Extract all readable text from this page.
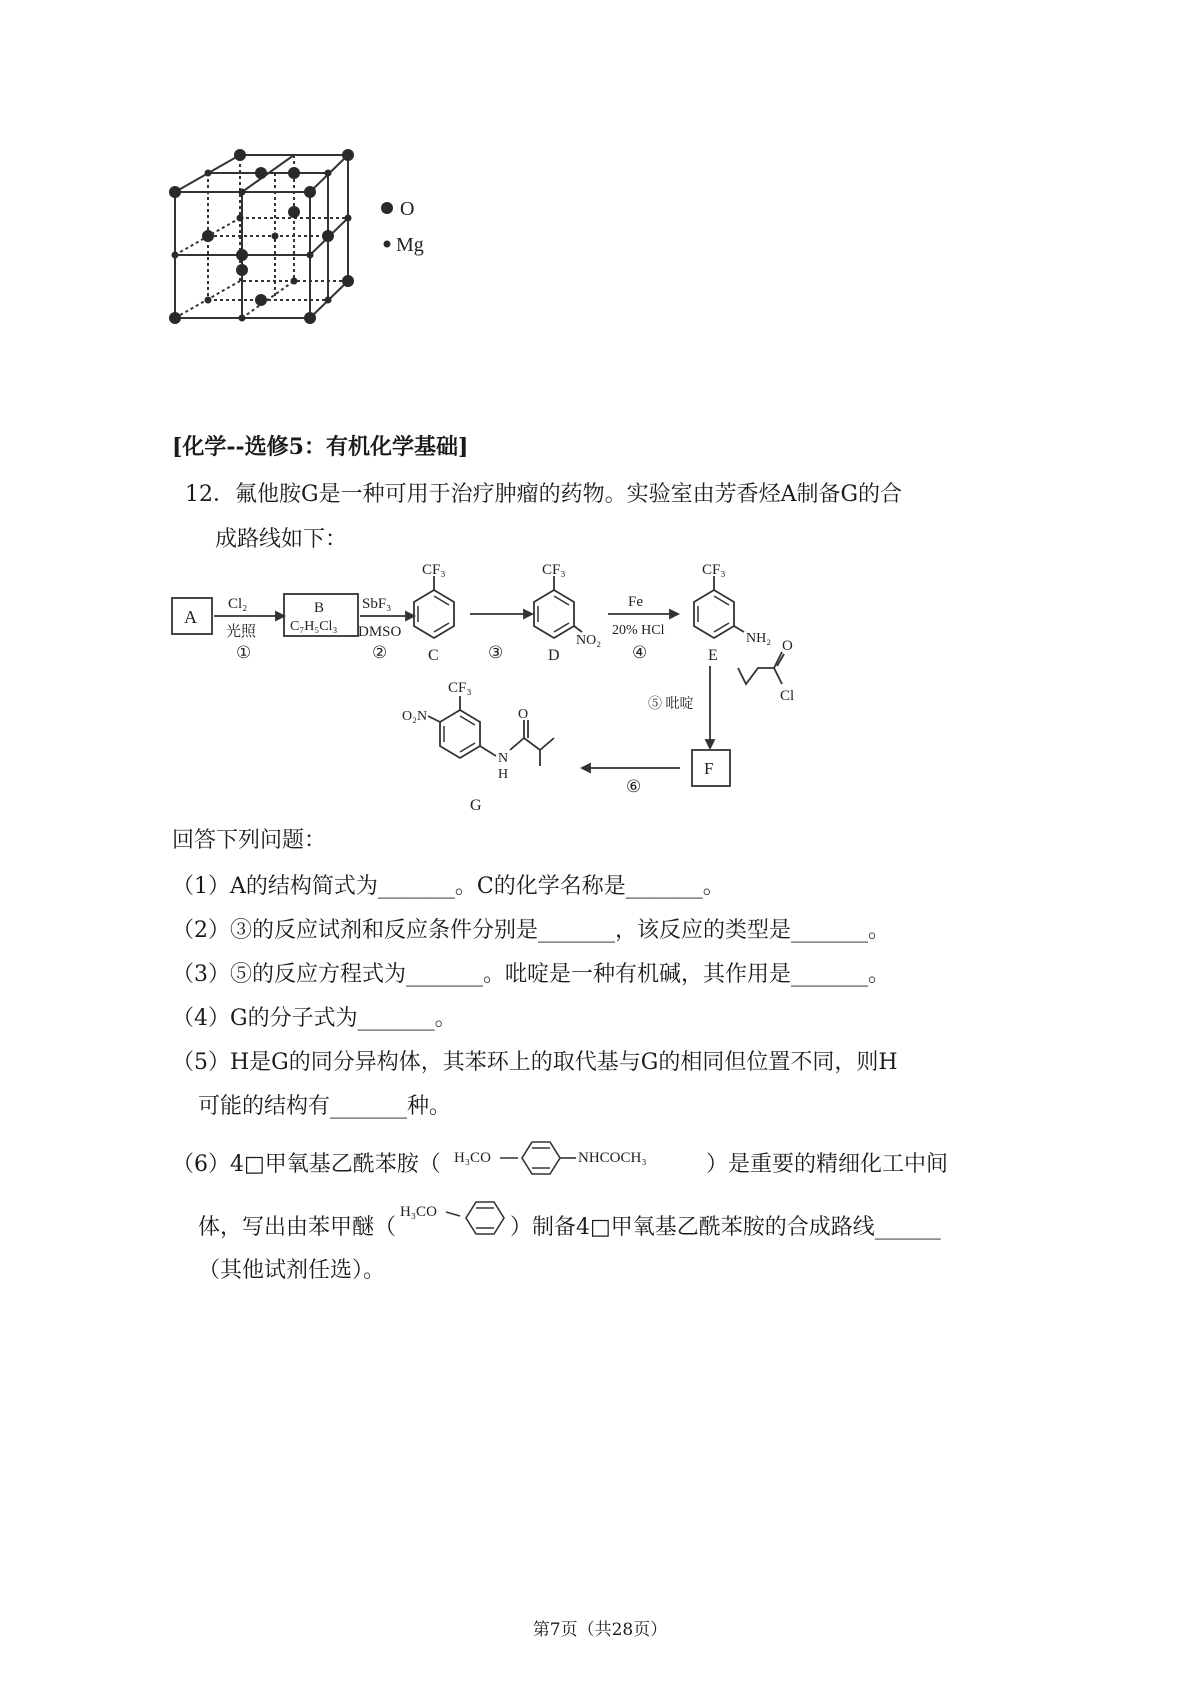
O
Mg
[化学--选修5：有机化学基础]
12．氟他胺G是一种可用于治疗肿瘤的药物。实验室由芳香烃A制备G的合
成路线如下：
A
Cl₂
光照
①
B
C₇H₅Cl₃
SbF₃
DMSO
②
CF₃
C	③
CF₃
NO₂
D
Fe
20% HCl
④
CF₃
NH₂
E
⑤ 吡啶
O
Cl
F
⑥
CF₃
O₂N
N
H
O
G
回答下列问题：
（1）A的结构简式为_______。C的化学名称是_______。
（2）③的反应试剂和反应条件分别是_______，该反应的类型是_______。
（3）⑤的反应方程式为_______。吡啶是一种有机碱，其作用是_______。
（4）G的分子式为_______。
（5）H是G的同分异构体，其苯环上的取代基与G的相同但位置不同，则H
可能的结构有_______种。
（6）4□甲氧基乙酰苯胺（ H₃CO	NHCOCH₃	）是重要的精细化工中间
体，写出由苯甲醚（
H₃CO
）制备4□甲氧基乙酰苯胺的合成路线______
（其他试剂任选）。
第7页（共28页）
